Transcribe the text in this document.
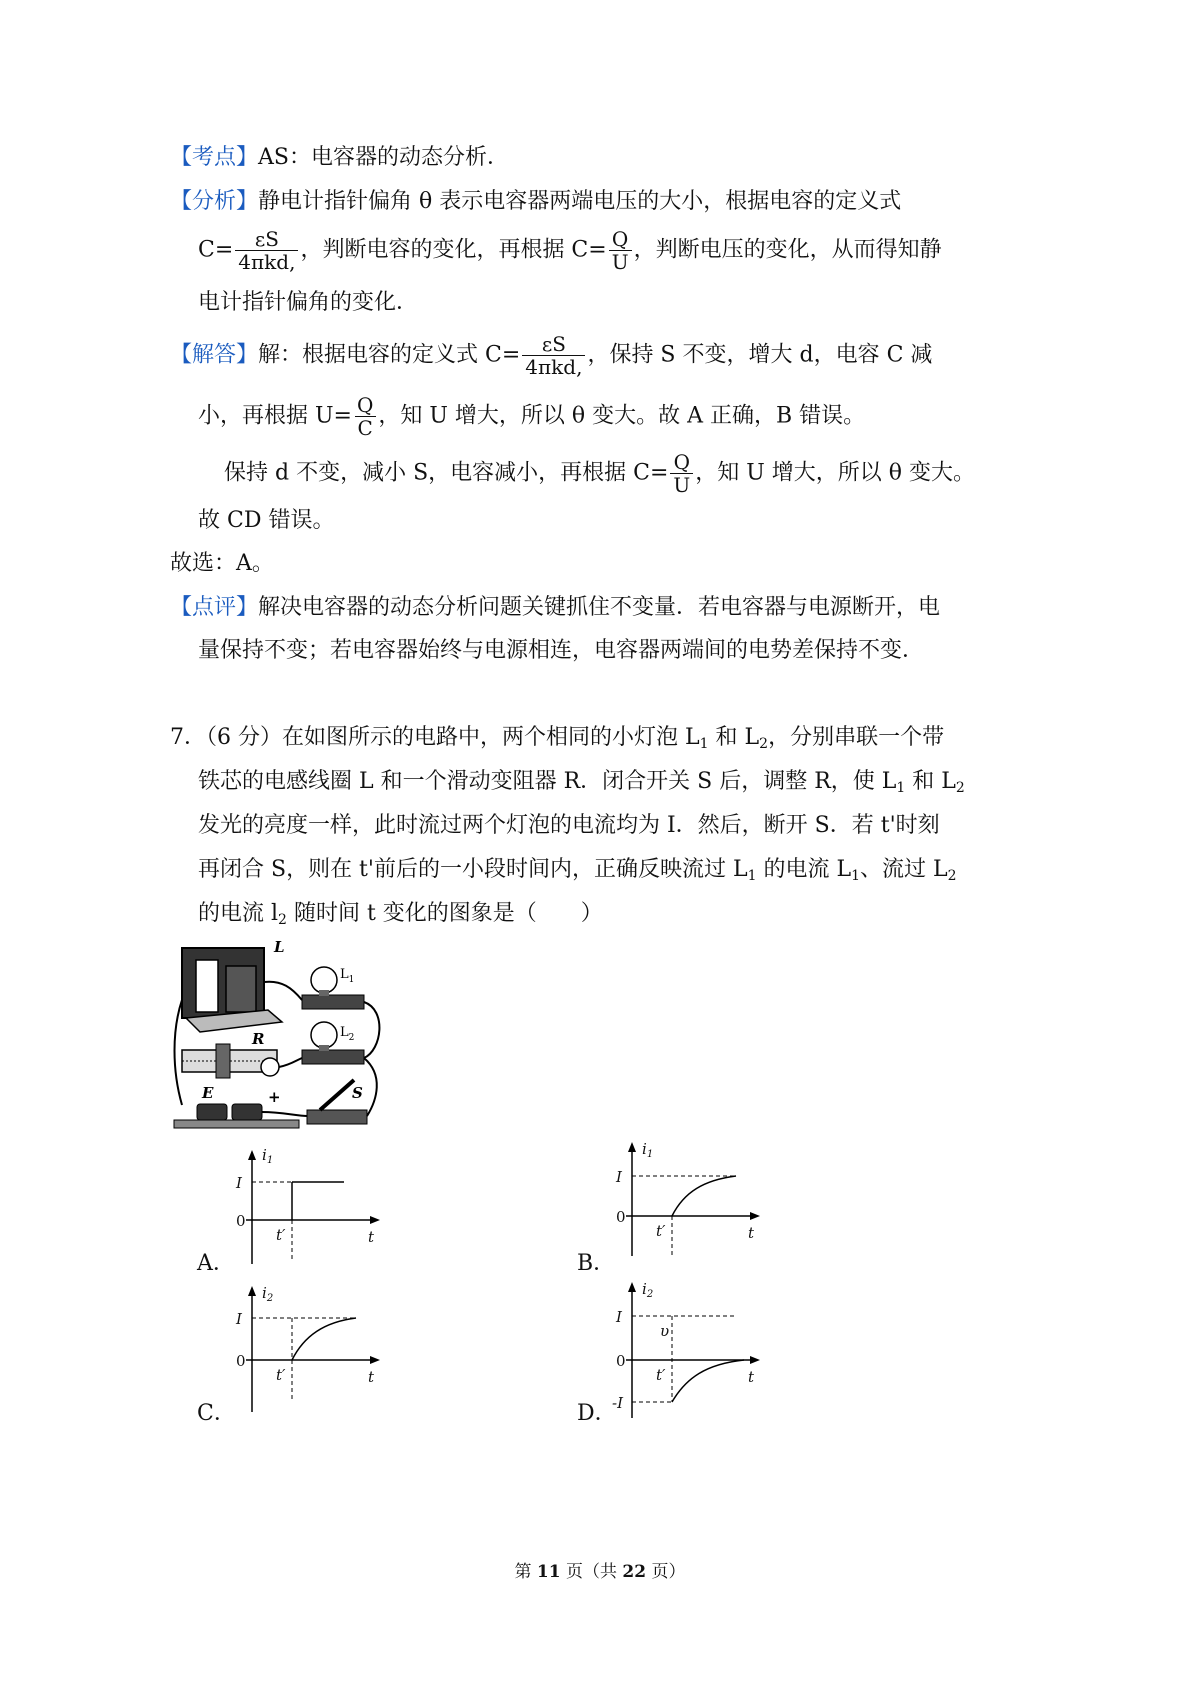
【考点】AS：电容器的动态分析．
【分析】静电计指针偏角 θ 表示电容器两端电压的大小，根据电容的定义式
$C= \frac{\varepsilon S}{\text{4πkd,}}$ ，判断电容的变化，再根据 $C= \frac{Q}{U}$ ，判断电压的变化，从而得知静
电计指针偏角的变化．
【解答】解：根据电容的定义式 $C= \frac{\varepsilon S}{\text{4πkd,}}$ ，保持 S 不变，增大 d，电容 C 减
小，再根据 $U= \frac{Q}{C}$ ，知 U 增大，所以 θ 变大。故 A 正确，B 错误。
保持 d 不变，减小 S，电容减小，再根据 $C= \frac{Q}{U}$ ，知 U 增大，所以 θ 变大。
故 CD 错误。
故选：A。
【点评】解决电容器的动态分析问题关键抓住不变量．若电容器与电源断开，电
量保持不变；若电容器始终与电源相连，电容器两端间的电势差保持不变．
7．（6 分）在如图所示的电路中，两个相同的小灯泡 $L_1$ 和 $L_2$，分别串联一个带
铁芯的电感线圈 L 和一个滑动变阻器 R．闭合开关 S 后，调整 R，使 $L_1$ 和 $L_2$
发光的亮度一样，此时流过两个灯泡的电流均为 I．然后，断开 S．若 t'时刻
再闭合 S，则在 t'前后的一小段时间内，正确反映流过 $L_1$ 的电流 $L_1$、流过 $L_2$
的电流 $l_2$ 随时间 t 变化的图象是（　　）
L
$L_1$
R	$L_2$
E	+	S
$i_1$
I
0
t′	t
A．
$i_1$
I
0
t′	t
B．
$i_2$
I
0
t′	t
C．
$i_2$
I
0
-I
υ
t′	t
D．
第 11 页（共 22 页）
